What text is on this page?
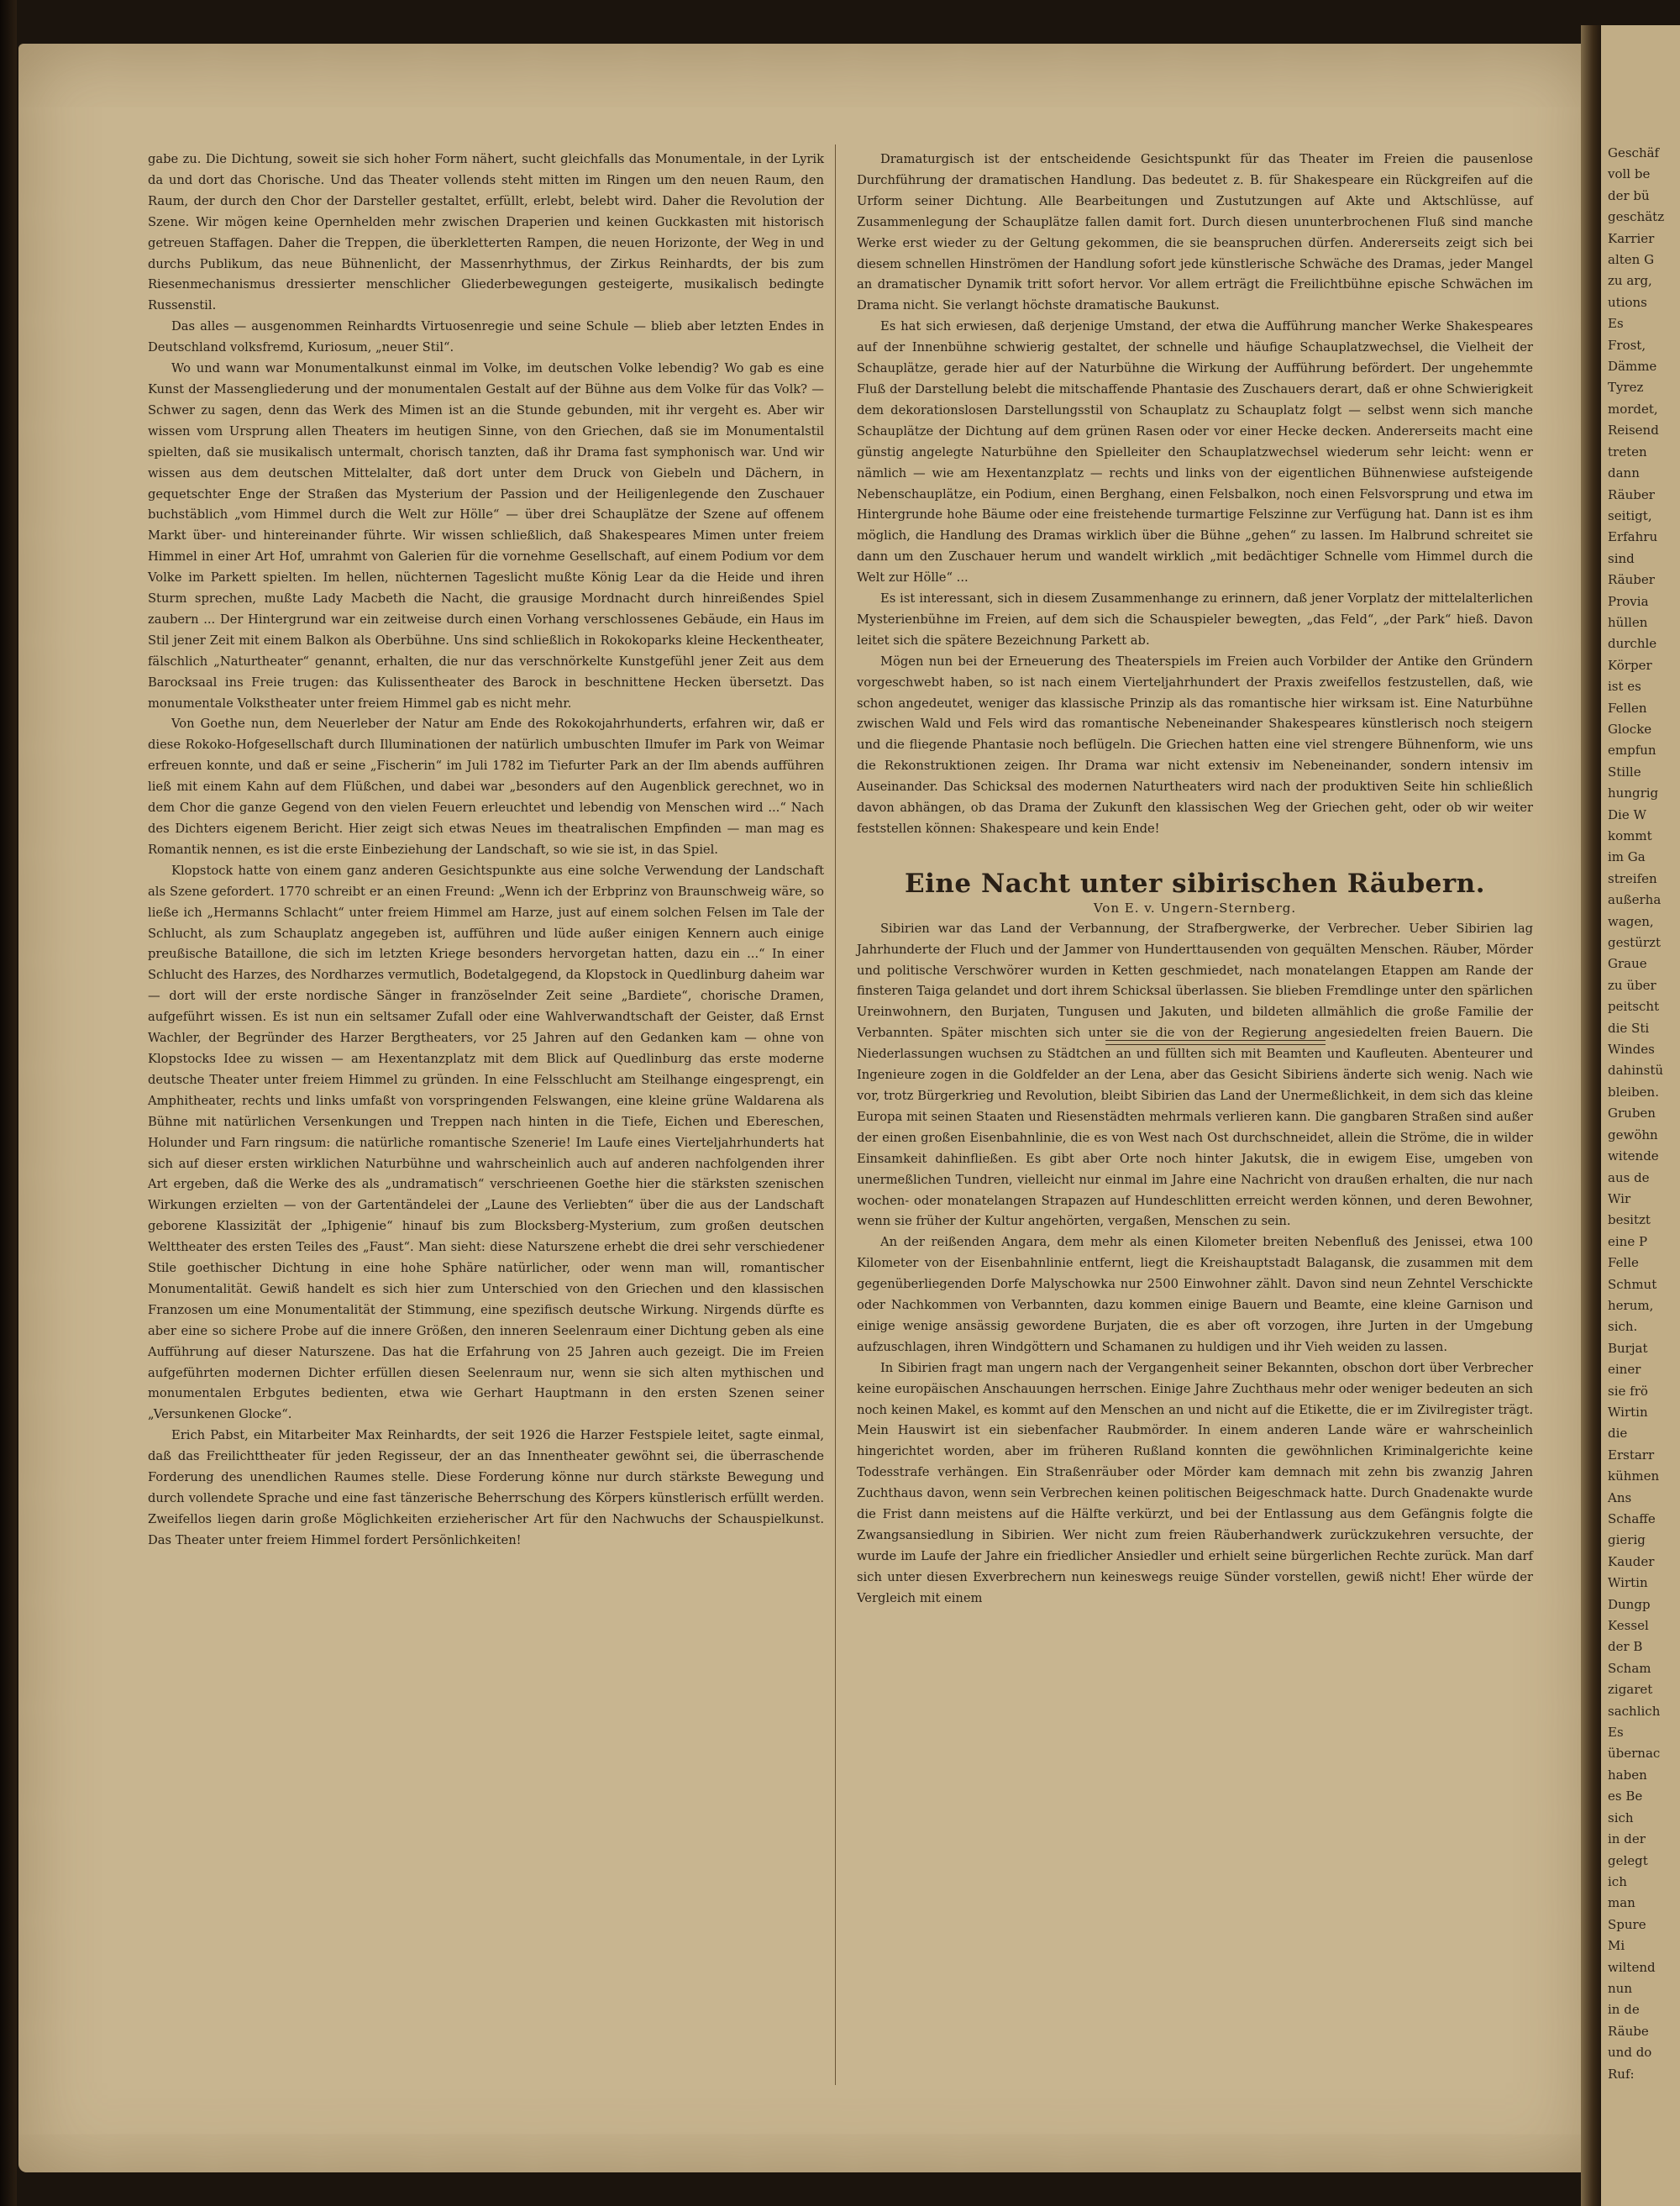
Geschäf

voll be

der bü

geschätz

Karrier

alten G

zu arg,

utions

Es

Frost,

Dämme

Tyrez

mordet,

Reisend

treten

dann

Räuber

seitigt,

Erfahru

sind

Räuber

Provia

hüllen

durchle

Körper

ist es

Fellen

Glocke

empfun

Stille

hungrig

Die W

kommt

im Ga

streifen

außerha

wagen,

gestürzt

Graue

zu über

peitscht

die Sti

Windes

dahinstü

bleiben.

Gruben

gewöhn

witende

aus de

Wir

besitzt

eine P

Felle

Schmut

herum,

sich.

Burjat

einer

sie frö

Wirtin

die

Erstarr

kühmen

Ans

Schaffe

gierig

Kauder

Wirtin

Dungp

Kessel

der B

Scham

zigaret

sachlich

Es

übernac

haben

es Be

sich

in der

gelegt

ich

man

Spure

Mi

wiltend

nun

in de

Räube

und do

Ruf:

gabe zu. Die Dichtung, soweit sie sich hoher Form nähert, sucht gleichfalls das Monumentale, in der Lyrik da und dort das Chorische. Und das Theater vollends steht mitten im Ringen um den neuen Raum, den Raum, der durch den Chor der Darsteller gestaltet, erfüllt, erlebt, belebt wird. Daher die Revolution der Szene. Wir mögen keine Opernhelden mehr zwischen Draperien und keinen Guckkasten mit historisch getreuen Staffagen. Daher die Treppen, die überkletterten Rampen, die neuen Horizonte, der Weg in und durchs Publikum, das neue Bühnenlicht, der Massenrhythmus, der Zirkus Reinhardts, der bis zum Riesenmechanismus dressierter menschlicher Gliederbewegungen gesteigerte, musikalisch bedingte Russenstil.

Das alles — ausgenommen Reinhardts Virtuosenregie und seine Schule — blieb aber letzten Endes in Deutschland volksfremd, Kuriosum, „neuer Stil“.

Wo und wann war Monumentalkunst einmal im Volke, im deutschen Volke lebendig? Wo gab es eine Kunst der Massengliederung und der monumentalen Gestalt auf der Bühne aus dem Volke für das Volk? — Schwer zu sagen, denn das Werk des Mimen ist an die Stunde gebunden, mit ihr vergeht es. Aber wir wissen vom Ursprung allen Theaters im heutigen Sinne, von den Griechen, daß sie im Monumentalstil spielten, daß sie musikalisch untermalt, chorisch tanzten, daß ihr Drama fast symphonisch war. Und wir wissen aus dem deutschen Mittelalter, daß dort unter dem Druck von Giebeln und Dächern, in gequetschter Enge der Straßen das Mysterium der Passion und der Heiligenlegende den Zuschauer buchstäblich „vom Himmel durch die Welt zur Hölle“ — über drei Schauplätze der Szene auf offenem Markt über- und hintereinander führte. Wir wissen schließlich, daß Shakespeares Mimen unter freiem Himmel in einer Art Hof, umrahmt von Galerien für die vornehme Gesellschaft, auf einem Podium vor dem Volke im Parkett spielten. Im hellen, nüchternen Tageslicht mußte König Lear da die Heide und ihren Sturm sprechen, mußte Lady Macbeth die Nacht, die grausige Mordnacht durch hinreißendes Spiel zaubern ... Der Hintergrund war ein zeitweise durch einen Vorhang verschlossenes Gebäude, ein Haus im Stil jener Zeit mit einem Balkon als Oberbühne. Uns sind schließlich in Rokokoparks kleine Heckentheater, fälschlich „Naturtheater“ genannt, erhalten, die nur das verschnörkelte Kunstgefühl jener Zeit aus dem Barocksaal ins Freie trugen: das Kulissentheater des Barock in beschnittene Hecken übersetzt. Das monumentale Volkstheater unter freiem Himmel gab es nicht mehr.

Von Goethe nun, dem Neuerleber der Natur am Ende des Rokokojahrhunderts, erfahren wir, daß er diese Rokoko-Hofgesellschaft durch Illuminationen der natürlich umbuschten Ilmufer im Park von Weimar erfreuen konnte, und daß er seine „Fischerin“ im Juli 1782 im Tiefurter Park an der Ilm abends aufführen ließ mit einem Kahn auf dem Flüßchen, und dabei war „besonders auf den Augenblick gerechnet, wo in dem Chor die ganze Gegend von den vielen Feuern erleuchtet und lebendig von Menschen wird ...“ Nach des Dichters eigenem Bericht. Hier zeigt sich etwas Neues im theatralischen Empfinden — man mag es Romantik nennen, es ist die erste Einbeziehung der Landschaft, so wie sie ist, in das Spiel.

Klopstock hatte von einem ganz anderen Gesichtspunkte aus eine solche Verwendung der Landschaft als Szene gefordert. 1770 schreibt er an einen Freund: „Wenn ich der Erbprinz von Braunschweig wäre, so ließe ich „Hermanns Schlacht“ unter freiem Himmel am Harze, just auf einem solchen Felsen im Tale der Schlucht, als zum Schauplatz angegeben ist, aufführen und lüde außer einigen Kennern auch einige preußische Bataillone, die sich im letzten Kriege besonders hervorgetan hatten, dazu ein ...“ In einer Schlucht des Harzes, des Nordharzes vermutlich, Bodetalgegend, da Klopstock in Quedlinburg daheim war — dort will der erste nordische Sänger in französelnder Zeit seine „Bardiete“, chorische Dramen, aufgeführt wissen. Es ist nun ein seltsamer Zufall oder eine Wahlverwandtschaft der Geister, daß Ernst Wachler, der Begründer des Harzer Bergtheaters, vor 25 Jahren auf den Gedanken kam — ohne von Klopstocks Idee zu wissen — am Hexentanzplatz mit dem Blick auf Quedlinburg das erste moderne deutsche Theater unter freiem Himmel zu gründen. In eine Felsschlucht am Steilhange eingesprengt, ein Amphitheater, rechts und links umfaßt von vorspringenden Felswangen, eine kleine grüne Waldarena als Bühne mit natürlichen Versenkungen und Treppen nach hinten in die Tiefe, Eichen und Ebereschen, Holunder und Farn ringsum: die natürliche romantische Szenerie! Im Laufe eines Vierteljahrhunderts hat sich auf dieser ersten wirklichen Naturbühne und wahrscheinlich auch auf anderen nachfolgenden ihrer Art ergeben, daß die Werke des als „undramatisch“ verschrieenen Goethe hier die stärksten szenischen Wirkungen erzielten — von der Gartentändelei der „Laune des Verliebten“ über die aus der Landschaft geborene Klassizität der „Iphigenie“ hinauf bis zum Blocksberg-Mysterium, zum großen deutschen Welttheater des ersten Teiles des „Faust“. Man sieht: diese Naturszene erhebt die drei sehr verschiedener Stile goethischer Dichtung in eine hohe Sphäre natürlicher, oder wenn man will, romantischer Monumentalität. Gewiß handelt es sich hier zum Unterschied von den Griechen und den klassischen Franzosen um eine Monumentalität der Stimmung, eine spezifisch deutsche Wirkung. Nirgends dürfte es aber eine so sichere Probe auf die innere Größen, den inneren Seelenraum einer Dichtung geben als eine Aufführung auf dieser Naturszene. Das hat die Erfahrung von 25 Jahren auch gezeigt. Die im Freien aufgeführten modernen Dichter erfüllen diesen Seelenraum nur, wenn sie sich alten mythischen und monumentalen Erbgutes bedienten, etwa wie Gerhart Hauptmann in den ersten Szenen seiner „Versunkenen Glocke“.

Erich Pabst, ein Mitarbeiter Max Reinhardts, der seit 1926 die Harzer Festspiele leitet, sagte einmal, daß das Freilichttheater für jeden Regisseur, der an das Innentheater gewöhnt sei, die überraschende Forderung des unendlichen Raumes stelle. Diese Forderung könne nur durch stärkste Bewegung und durch vollendete Sprache und eine fast tänzerische Beherrschung des Körpers künstlerisch erfüllt werden. Zweifellos liegen darin große Möglichkeiten erzieherischer Art für den Nachwuchs der Schauspielkunst. Das Theater unter freiem Himmel fordert Persönlichkeiten!

Dramaturgisch ist der entscheidende Gesichtspunkt für das Theater im Freien die pausenlose Durchführung der dramatischen Handlung. Das bedeutet z. B. für Shakespeare ein Rückgreifen auf die Urform seiner Dichtung. Alle Bearbeitungen und Zustutzungen auf Akte und Aktschlüsse, auf Zusammenlegung der Schauplätze fallen damit fort. Durch diesen ununterbrochenen Fluß sind manche Werke erst wieder zu der Geltung gekommen, die sie beanspruchen dürfen. Andererseits zeigt sich bei diesem schnellen Hinströmen der Handlung sofort jede künstlerische Schwäche des Dramas, jeder Mangel an dramatischer Dynamik tritt sofort hervor. Vor allem erträgt die Freilichtbühne epische Schwächen im Drama nicht. Sie verlangt höchste dramatische Baukunst.

Es hat sich erwiesen, daß derjenige Umstand, der etwa die Aufführung mancher Werke Shakespeares auf der Innenbühne schwierig gestaltet, der schnelle und häufige Schauplatzwechsel, die Vielheit der Schauplätze, gerade hier auf der Naturbühne die Wirkung der Aufführung befördert. Der ungehemmte Fluß der Darstellung belebt die mitschaffende Phantasie des Zuschauers derart, daß er ohne Schwierigkeit dem dekorationslosen Darstellungsstil von Schauplatz zu Schauplatz folgt — selbst wenn sich manche Schauplätze der Dichtung auf dem grünen Rasen oder vor einer Hecke decken. Andererseits macht eine günstig angelegte Naturbühne den Spielleiter den Schauplatzwechsel wiederum sehr leicht: wenn er nämlich — wie am Hexentanzplatz — rechts und links von der eigentlichen Bühnenwiese aufsteigende Nebenschauplätze, ein Podium, einen Berghang, einen Felsbalkon, noch einen Felsvorsprung und etwa im Hintergrunde hohe Bäume oder eine freistehende turmartige Felszinne zur Verfügung hat. Dann ist es ihm möglich, die Handlung des Dramas wirklich über die Bühne „gehen“ zu lassen. Im Halbrund schreitet sie dann um den Zuschauer herum und wandelt wirklich „mit bedächtiger Schnelle vom Himmel durch die Welt zur Hölle“ ...

Es ist interessant, sich in diesem Zusammenhange zu erinnern, daß jener Vorplatz der mittelalterlichen Mysterienbühne im Freien, auf dem sich die Schauspieler bewegten, „das Feld“, „der Park“ hieß. Davon leitet sich die spätere Bezeichnung Parkett ab.

Mögen nun bei der Erneuerung des Theaterspiels im Freien auch Vorbilder der Antike den Gründern vorgeschwebt haben, so ist nach einem Vierteljahrhundert der Praxis zweifellos festzustellen, daß, wie schon angedeutet, weniger das klassische Prinzip als das romantische hier wirksam ist. Eine Naturbühne zwischen Wald und Fels wird das romantische Nebeneinander Shakespeares künstlerisch noch steigern und die fliegende Phantasie noch beflügeln. Die Griechen hatten eine viel strengere Bühnenform, wie uns die Rekonstruktionen zeigen. Ihr Drama war nicht extensiv im Nebeneinander, sondern intensiv im Auseinander. Das Schicksal des modernen Naturtheaters wird nach der produktiven Seite hin schließlich davon abhängen, ob das Drama der Zukunft den klassischen Weg der Griechen geht, oder ob wir weiter feststellen können: Shakespeare und kein Ende!

Eine Nacht unter sibirischen Räubern.

Von E. v. Ungern-Sternberg.

Sibirien war das Land der Verbannung, der Strafbergwerke, der Verbrecher. Ueber Sibirien lag Jahrhunderte der Fluch und der Jammer von Hunderttausenden von gequälten Menschen. Räuber, Mörder und politische Verschwörer wurden in Ketten geschmiedet, nach monatelangen Etappen am Rande der finsteren Taiga gelandet und dort ihrem Schicksal überlassen. Sie blieben Fremdlinge unter den spärlichen Ureinwohnern, den Burjaten, Tungusen und Jakuten, und bildeten allmählich die große Familie der Verbannten. Später mischten sich unter sie die von der Regierung angesiedelten freien Bauern. Die Niederlassungen wuchsen zu Städtchen an und füllten sich mit Beamten und Kaufleuten. Abenteurer und Ingenieure zogen in die Goldfelder an der Lena, aber das Gesicht Sibiriens änderte sich wenig. Nach wie vor, trotz Bürgerkrieg und Revolution, bleibt Sibirien das Land der Unermeßlichkeit, in dem sich das kleine Europa mit seinen Staaten und Riesenstädten mehrmals verlieren kann. Die gangbaren Straßen sind außer der einen großen Eisenbahnlinie, die es von West nach Ost durchschneidet, allein die Ströme, die in wilder Einsamkeit dahinfließen. Es gibt aber Orte noch hinter Jakutsk, die in ewigem Eise, umgeben von unermeßlichen Tundren, vielleicht nur einmal im Jahre eine Nachricht von draußen erhalten, die nur nach wochen- oder monatelangen Strapazen auf Hundeschlitten erreicht werden können, und deren Bewohner, wenn sie früher der Kultur angehörten, vergaßen, Menschen zu sein.

An der reißenden Angara, dem mehr als einen Kilometer breiten Nebenfluß des Jenissei, etwa 100 Kilometer von der Eisenbahnlinie entfernt, liegt die Kreishauptstadt Balagansk, die zusammen mit dem gegenüberliegenden Dorfe Malyschowka nur 2500 Einwohner zählt. Davon sind neun Zehntel Verschickte oder Nachkommen von Verbannten, dazu kommen einige Bauern und Beamte, eine kleine Garnison und einige wenige ansässig gewordene Burjaten, die es aber oft vorzogen, ihre Jurten in der Umgebung aufzuschlagen, ihren Windgöttern und Schamanen zu huldigen und ihr Vieh weiden zu lassen.

In Sibirien fragt man ungern nach der Vergangenheit seiner Bekannten, obschon dort über Verbrecher keine europäischen Anschauungen herrschen. Einige Jahre Zuchthaus mehr oder weniger bedeuten an sich noch keinen Makel, es kommt auf den Menschen an und nicht auf die Etikette, die er im Zivilregister trägt. Mein Hauswirt ist ein siebenfacher Raubmörder. In einem anderen Lande wäre er wahrscheinlich hingerichtet worden, aber im früheren Rußland konnten die gewöhnlichen Kriminalgerichte keine Todesstrafe verhängen. Ein Straßenräuber oder Mörder kam demnach mit zehn bis zwanzig Jahren Zuchthaus davon, wenn sein Verbrechen keinen politischen Beigeschmack hatte. Durch Gnadenakte wurde die Frist dann meistens auf die Hälfte verkürzt, und bei der Entlassung aus dem Gefängnis folgte die Zwangsansiedlung in Sibirien. Wer nicht zum freien Räuberhandwerk zurückzukehren versuchte, der wurde im Laufe der Jahre ein friedlicher Ansiedler und erhielt seine bürgerlichen Rechte zurück. Man darf sich unter diesen Exverbrechern nun keineswegs reuige Sünder vorstellen, gewiß nicht! Eher würde der Vergleich mit einem
